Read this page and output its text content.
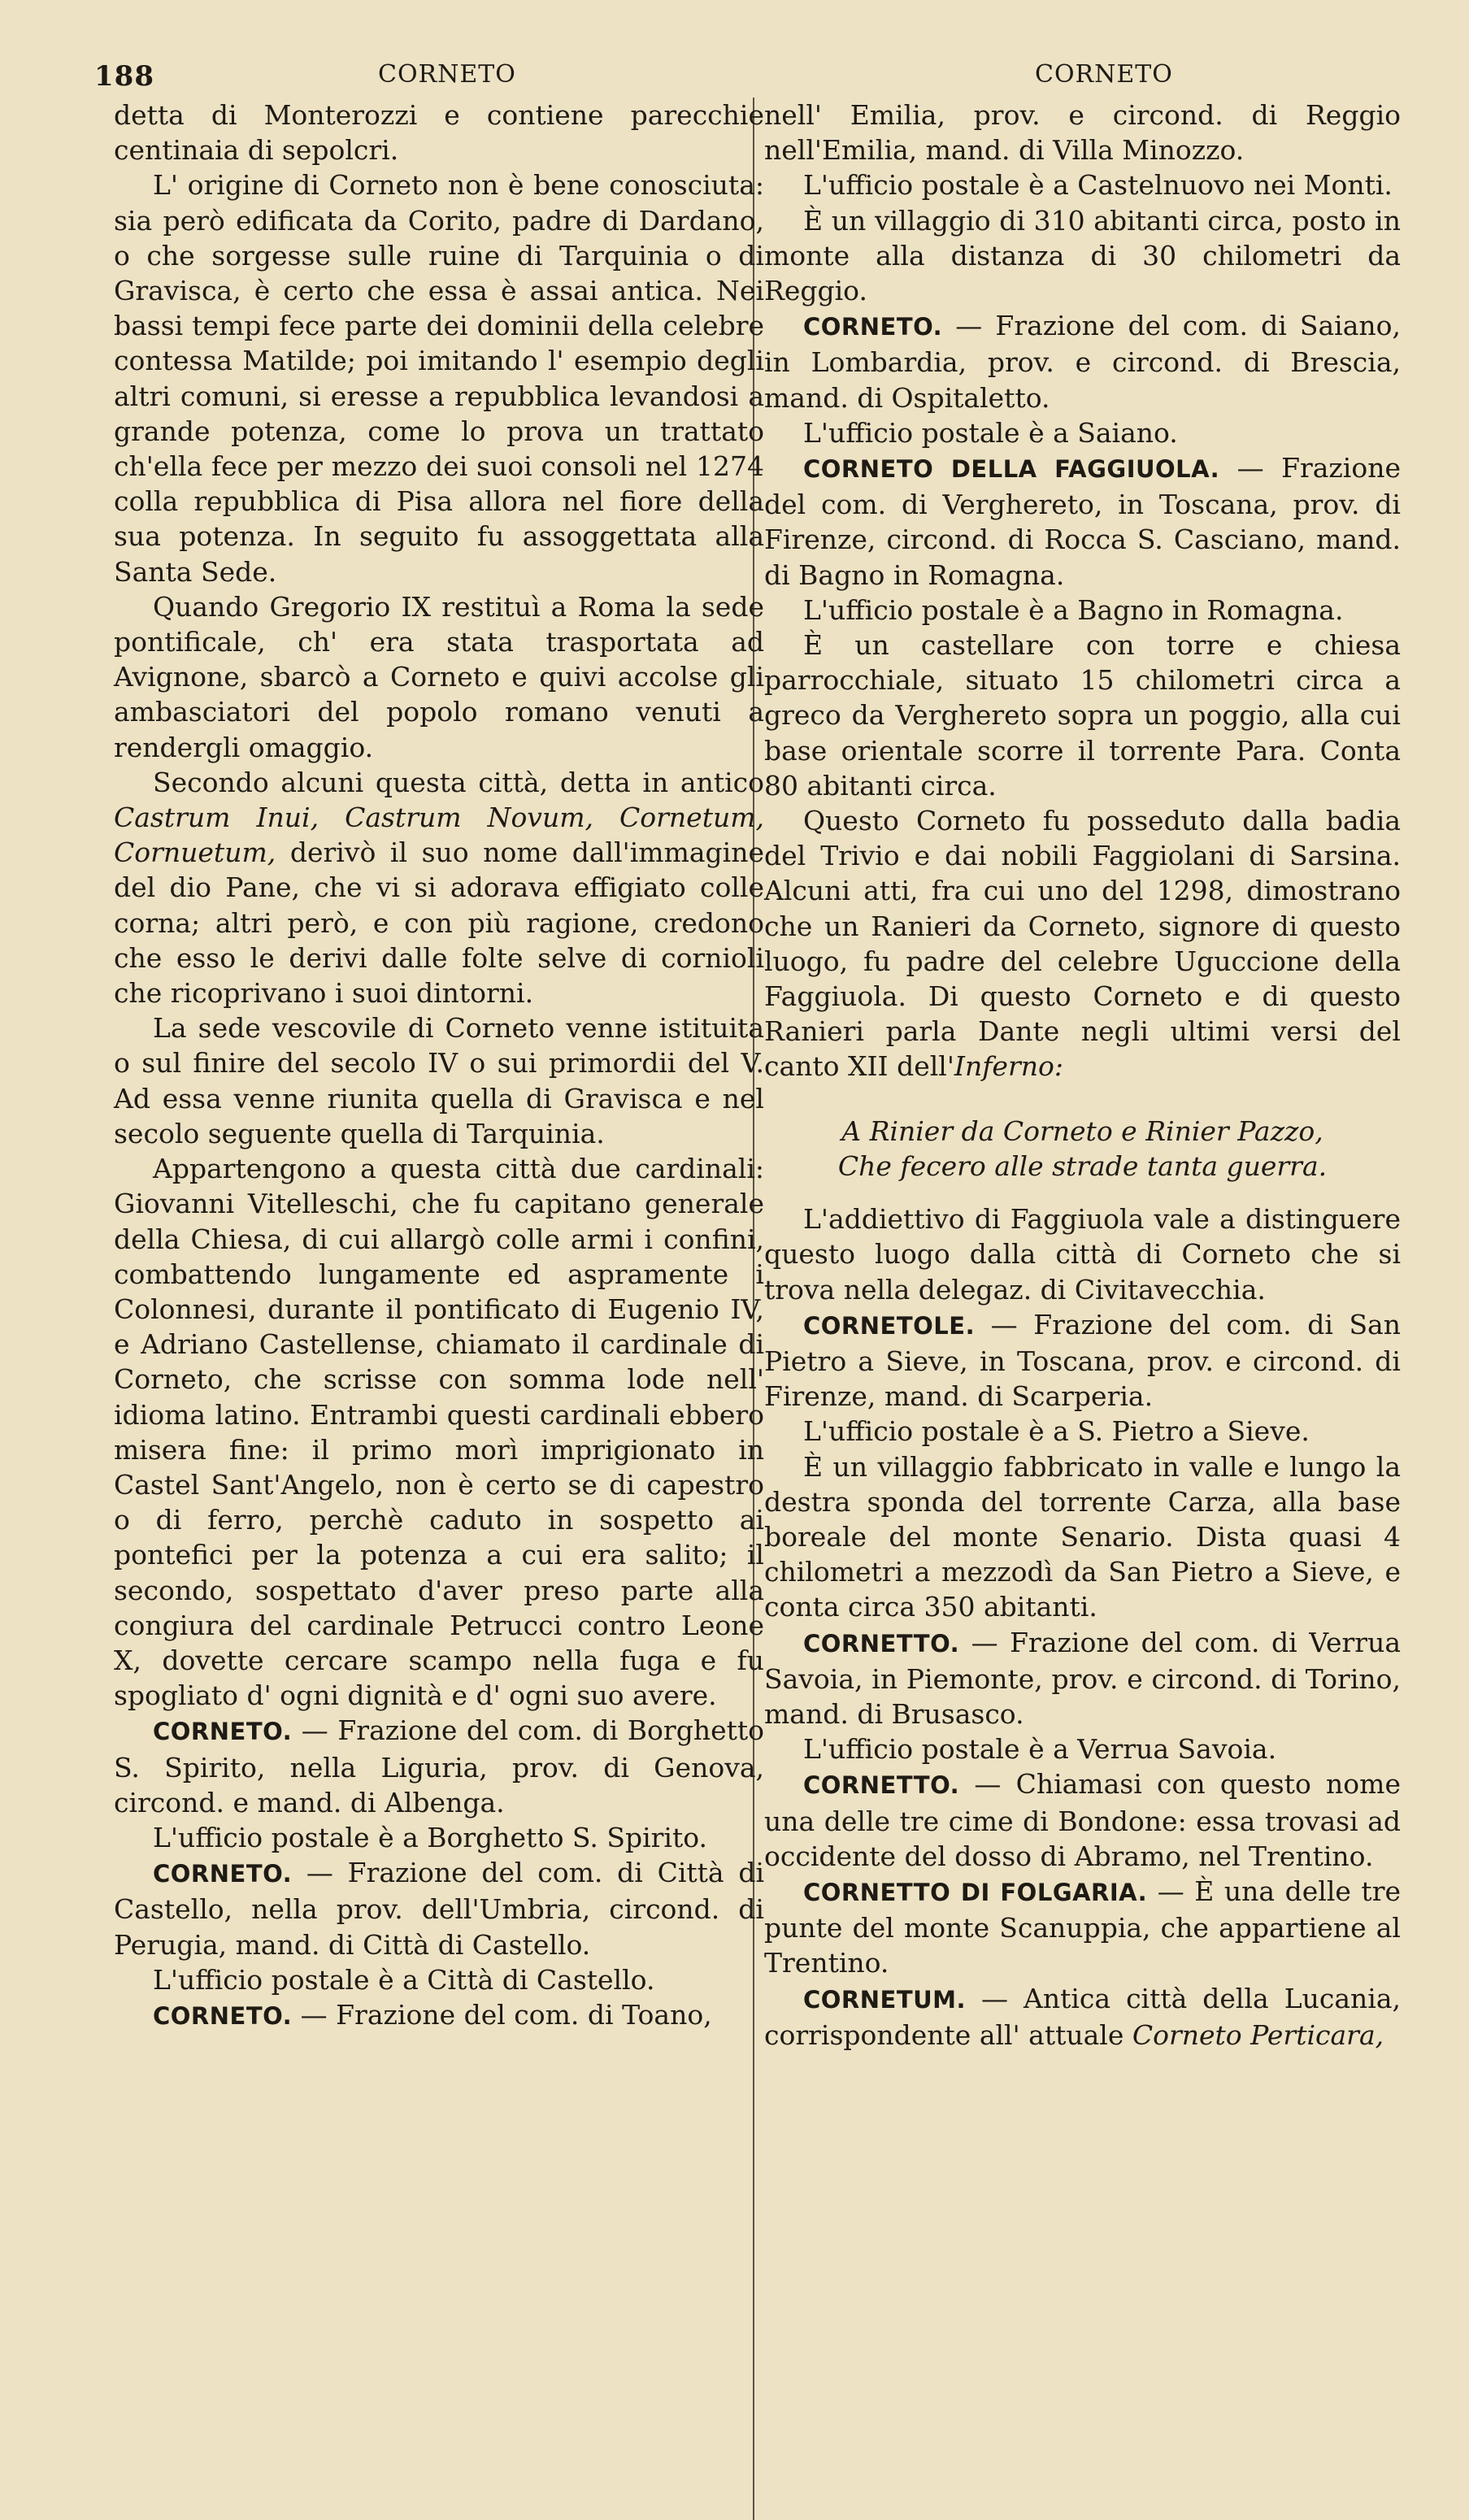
188	CORNETO	CORNETO

detta di Monterozzi e contiene parecchie centinaia di sepolcri.

L' origine di Corneto non è bene conosciuta: sia però edificata da Corito, padre di Dardano, o che sorgesse sulle ruine di Tarquinia o di Gravisca, è certo che essa è assai antica. Nei bassi tempi fece parte dei dominii della celebre contessa Matilde; poi imitando l' esempio degli altri comuni, si eresse a repubblica levandosi a grande potenza, come lo prova un trattato ch'ella fece per mezzo dei suoi consoli nel 1274 colla repubblica di Pisa allora nel fiore della sua potenza. In seguito fu assoggettata alla Santa Sede.

Quando Gregorio IX restituì a Roma la sede pontificale, ch' era stata trasportata ad Avignone, sbarcò a Corneto e quivi accolse gli ambasciatori del popolo romano venuti a rendergli omaggio.

Secondo alcuni questa città, detta in antico Castrum Inui, Castrum Novum, Cornetum, Cornuetum, derivò il suo nome dall'immagine del dio Pane, che vi si adorava effigiato colle corna; altri però, e con più ragione, credono che esso le derivi dalle folte selve di cornioli che ricoprivano i suoi dintorni.

La sede vescovile di Corneto venne istituita o sul finire del secolo IV o sui primordii del V. Ad essa venne riunita quella di Gravisca e nel secolo seguente quella di Tarquinia.

Appartengono a questa città due cardinali: Giovanni Vitelleschi, che fu capitano generale della Chiesa, di cui allargò colle armi i confini, combattendo lungamente ed aspramente i Colonnesi, durante il pontificato di Eugenio IV, e Adriano Castellense, chiamato il cardinale di Corneto, che scrisse con somma lode nell' idioma latino. Entrambi questi cardinali ebbero misera fine: il primo morì imprigionato in Castel Sant'Angelo, non è certo se di capestro o di ferro, perchè caduto in sospetto ai pontefici per la potenza a cui era salito; il secondo, sospettato d'aver preso parte alla congiura del cardinale Petrucci contro Leone X, dovette cercare scampo nella fuga e fu spogliato d' ogni dignità e d' ogni suo avere.

CORNETO. — Frazione del com. di Borghetto S. Spirito, nella Liguria, prov. di Genova, circond. e mand. di Albenga.

L'ufficio postale è a Borghetto S. Spirito.

CORNETO. — Frazione del com. di Città di Castello, nella prov. dell'Umbria, circond. di Perugia, mand. di Città di Castello.

L'ufficio postale è a Città di Castello.

CORNETO. — Frazione del com. di Toano,

nell' Emilia, prov. e circond. di Reggio nell'Emilia, mand. di Villa Minozzo.

L'ufficio postale è a Castelnuovo nei Monti.

È un villaggio di 310 abitanti circa, posto in monte alla distanza di 30 chilometri da Reggio.

CORNETO. — Frazione del com. di Saiano, in Lombardia, prov. e circond. di Brescia, mand. di Ospitaletto.

L'ufficio postale è a Saiano.

CORNETO DELLA FAGGIUOLA. — Frazione del com. di Verghereto, in Toscana, prov. di Firenze, circond. di Rocca S. Casciano, mand. di Bagno in Romagna.

L'ufficio postale è a Bagno in Romagna.

È un castellare con torre e chiesa parrocchiale, situato 15 chilometri circa a greco da Verghereto sopra un poggio, alla cui base orientale scorre il torrente Para. Conta 80 abitanti circa.

Questo Corneto fu posseduto dalla badia del Trivio e dai nobili Faggiolani di Sarsina. Alcuni atti, fra cui uno del 1298, dimostrano che un Ranieri da Corneto, signore di questo luogo, fu padre del celebre Uguccione della Faggiuola. Di questo Corneto e di questo Ranieri parla Dante negli ultimi versi del canto XII dell'Inferno:

A Rinier da Corneto e Rinier Pazzo,

Che fecero alle strade tanta guerra.

L'addiettivo di Faggiuola vale a distinguere questo luogo dalla città di Corneto che si trova nella delegaz. di Civitavecchia.

CORNETOLE. — Frazione del com. di San Pietro a Sieve, in Toscana, prov. e circond. di Firenze, mand. di Scarperia.

L'ufficio postale è a S. Pietro a Sieve.

È un villaggio fabbricato in valle e lungo la destra sponda del torrente Carza, alla base boreale del monte Senario. Dista quasi 4 chilometri a mezzodì da San Pietro a Sieve, e conta circa 350 abitanti.

CORNETTO. — Frazione del com. di Verrua Savoia, in Piemonte, prov. e circond. di Torino, mand. di Brusasco.

L'ufficio postale è a Verrua Savoia.

CORNETTO. — Chiamasi con questo nome una delle tre cime di Bondone: essa trovasi ad occidente del dosso di Abramo, nel Trentino.

CORNETTO DI FOLGARIA. — È una delle tre punte del monte Scanuppia, che appartiene al Trentino.

CORNETUM. — Antica città della Lucania, corrispondente all' attuale Corneto Perticara,
